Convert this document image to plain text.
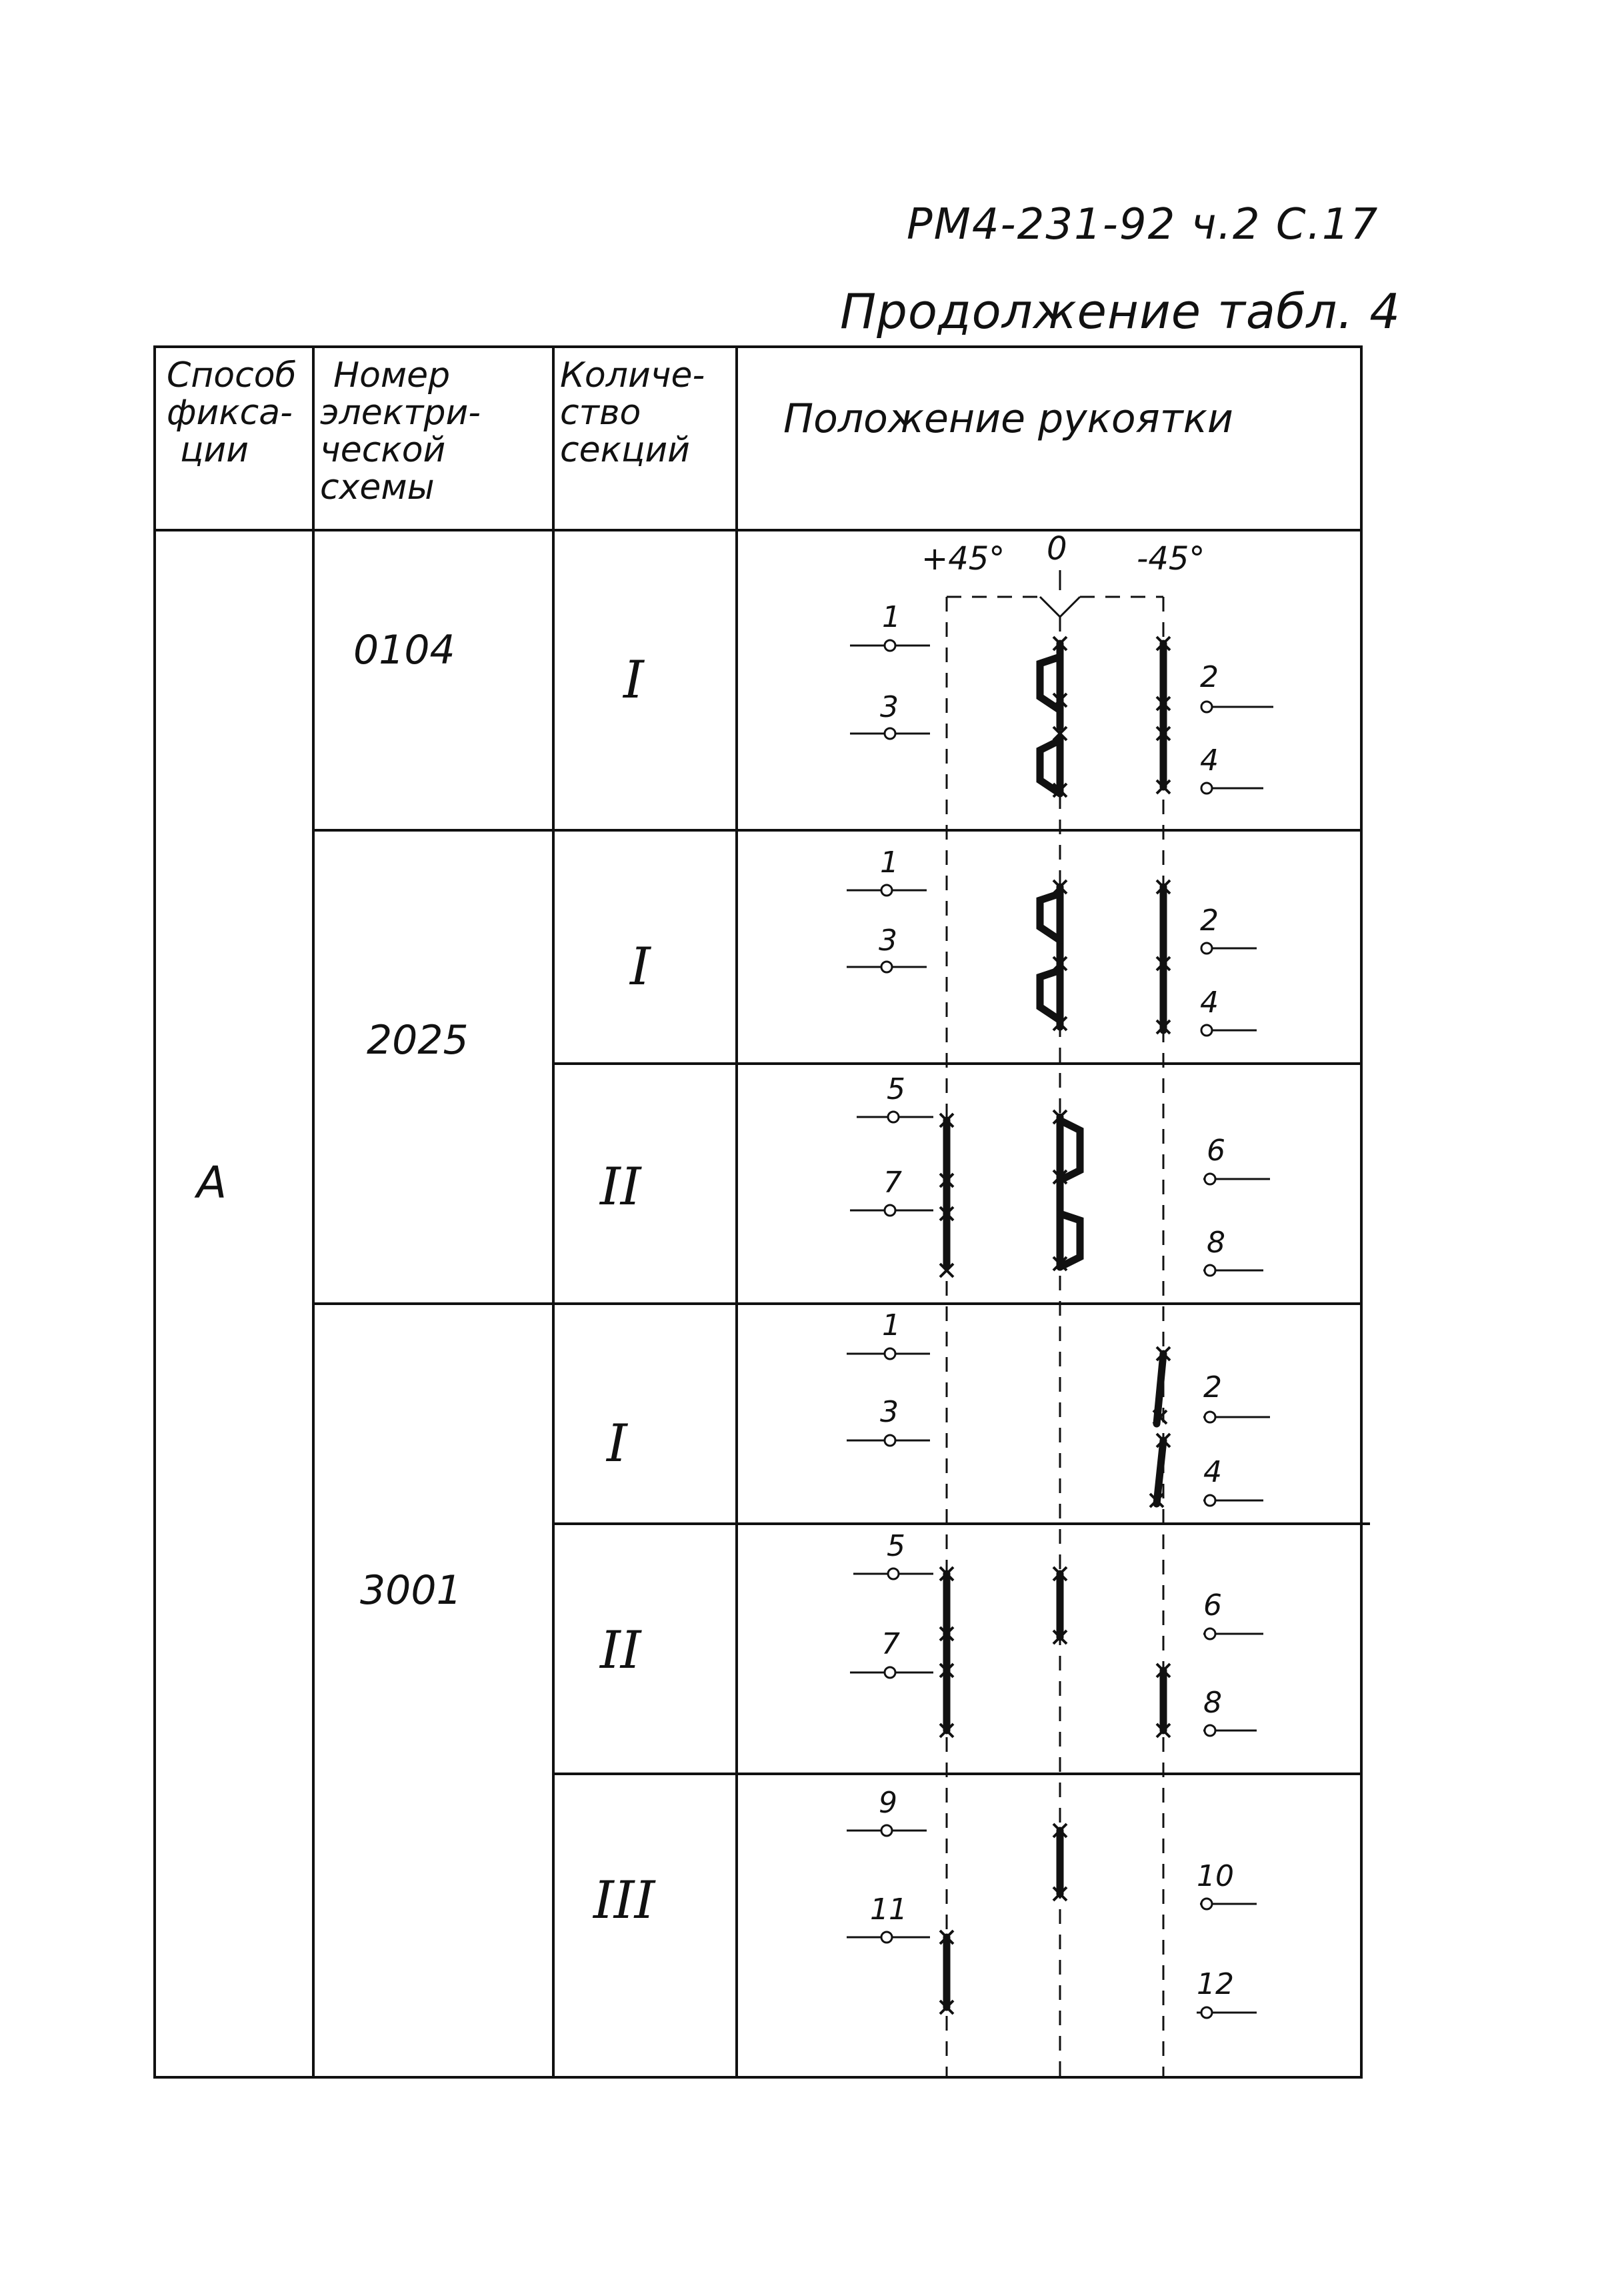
РМ4-231-92 ч.2 С.17
Продолжение табл. 4
Способ
фикса-
ции
Номер
электри-
ческой
схемы
Количе-
ство
секций
Положение рукоятки
+45° 0 -45°
А
0104
2025
3001
I
I
II
I
II
III
1
2
3
4
1
2
3
4
5
6
7
8
1
2
3
4
5
6
7
8
9
10
11
12
